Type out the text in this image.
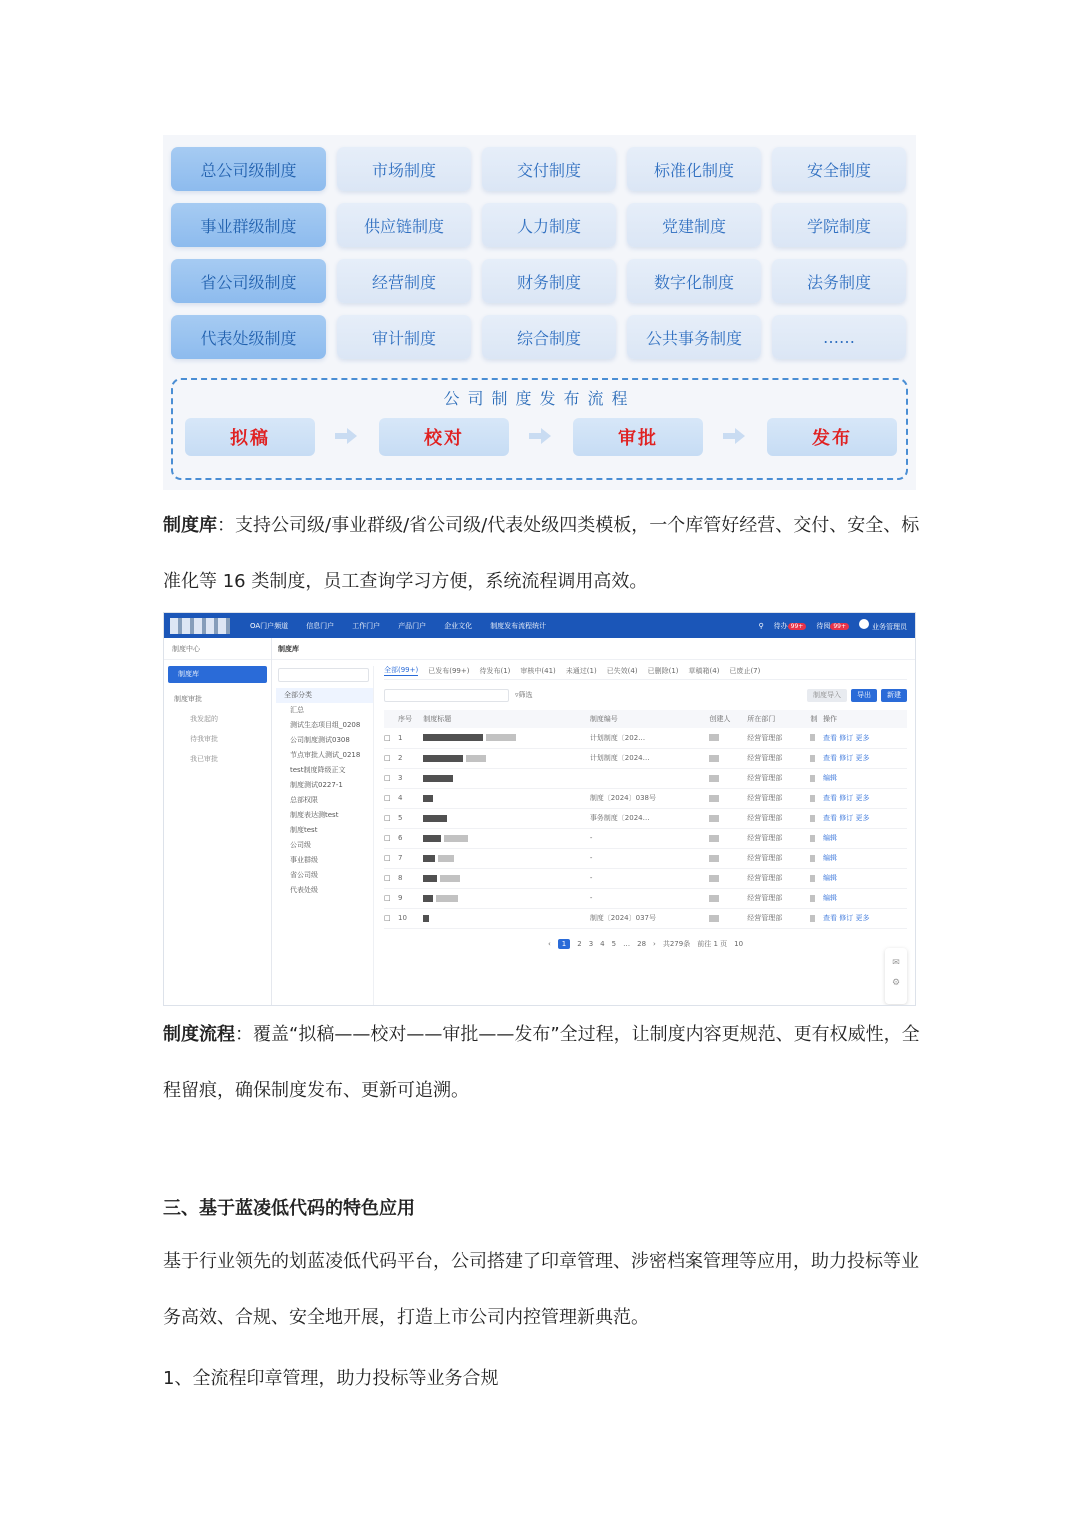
总公司级制度	市场制度	交付制度	标准化制度	安全制度
事业群级制度	供应链制度	人力制度	党建制度	学院制度
省公司级制度	经营制度	财务制度	数字化制度	法务制度
代表处级制度	审计制度	综合制度	公共事务制度	……
公司制度发布流程
拟稿	校对	审批	发布
制度库：支持公司级/事业群级/省公司级/代表处级四类模板，一个库管好经营、交付、安全、标准化等 16 类制度，员工查询学习方便，系统流程调用高效。
OA门户频道	信息门户	工作门户	产品门户	企业文化	制度发布流程统计	⚲ 待办 99+	待阅 99+	业务管理员
制度中心
制度库
制度审批
我发起的
待我审批
我已审批
制度库
全部分类
汇总
测试生态项目组_0208
公司制度测试0308
节点审批人测试_0218
test制度降级正文
制度测试0227-1
总部权限
制度表达测test
制度test
公司级
事业群级
省公司级
代表处级
全部(99+) 已发布(99+) 待发布(1) 审核中(41) 未通过(1) 已失效(4) 已删除(1) 草稿箱(4) 已废止(7)
▿筛选	制度导入	导出	新建
	序号	制度标题	制度编号	创建人	所在部门	制	操作
□	1		计划制度〔202…		经营管理部		查看 修订 更多
□	2		计划制度〔2024…		经营管理部		查看 修订 更多
□	3				经营管理部		编辑
□	4		制度〔2024〕038号		经营管理部		查看 修订 更多
□	5		事务制度〔2024…		经营管理部		查看 修订 更多
□	6		-		经营管理部		编辑
□	7		-		经营管理部		编辑
□	8		-		经营管理部		编辑
□	9		-		经营管理部		编辑
□	10		制度〔2024〕037号		经营管理部		查看 修订 更多
‹	1	2 3 4 5 … 28 › 共279条 前往 1 页 10
✉
⚙
制度流程：覆盖“拟稿——校对——审批——发布”全过程，让制度内容更规范、更有权威性，全程留痕，确保制度发布、更新可追溯。
三、基于蓝凌低代码的特色应用
基于行业领先的划蓝凌低代码平台，公司搭建了印章管理、涉密档案管理等应用，助力投标等业务高效、合规、安全地开展，打造上市公司内控管理新典范。
1、全流程印章管理，助力投标等业务合规
